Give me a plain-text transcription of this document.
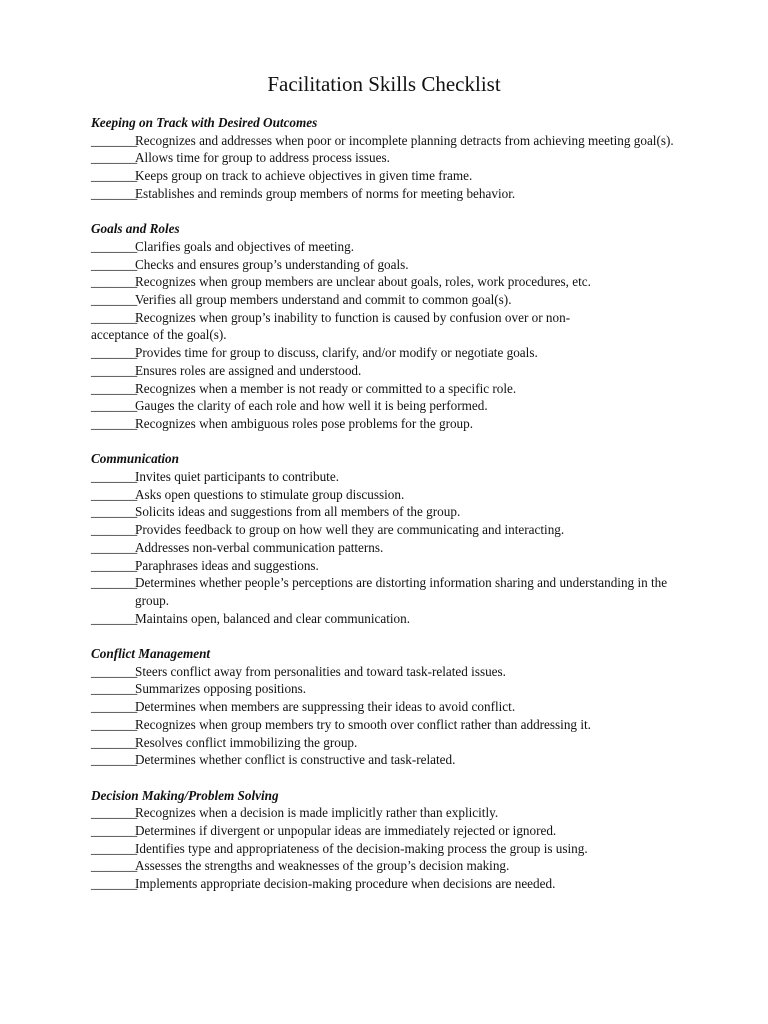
Facilitation Skills Checklist

Keeping on Track with Desired Outcomes

_______
Recognizes and addresses when poor or incomplete planning detracts from achieving meeting goal(s).

_______
Allows time for group to address process issues.

_______
Keeps group on track to achieve objectives in given time frame.

_______
Establishes and reminds group members of norms for meeting behavior.

Goals and Roles

_______
Clarifies goals and objectives of meeting.

_______
Checks and ensures group’s understanding of goals.

_______
Recognizes when group members are unclear about goals, roles, work procedures, etc.

_______
Verifies all group members understand and commit to common goal(s).

_______
Recognizes when group’s inability to function is caused by confusion over or non-

acceptance of the goal(s).

_______
Provides time for group to discuss, clarify, and/or modify or negotiate goals.

_______
Ensures roles are assigned and understood.

_______
Recognizes when a member is not ready or committed to a specific role.

_______
Gauges the clarity of each role and how well it is being performed.

_______
Recognizes when ambiguous roles pose problems for the group.

Communication

_______
Invites quiet participants to contribute.

_______
Asks open questions to stimulate group discussion.

_______
Solicits ideas and suggestions from all members of the group.

_______
Provides feedback to group on how well they are communicating and interacting.

_______
Addresses non-verbal communication patterns.

_______
Paraphrases ideas and suggestions.

_______
Determines whether people’s perceptions are distorting information sharing and understanding in the group.

_______
Maintains open, balanced and clear communication.

Conflict Management

_______
Steers conflict away from personalities and toward task-related issues.

_______
Summarizes opposing positions.

_______
Determines when members are suppressing their ideas to avoid conflict.

_______
Recognizes when group members try to smooth over conflict rather than addressing it.

_______
Resolves conflict immobilizing the group.

_______
Determines whether conflict is constructive and task-related.

Decision Making/Problem Solving

_______
Recognizes when a decision is made implicitly rather than explicitly.

_______
Determines if divergent or unpopular ideas are immediately rejected or ignored.

_______
Identifies type and appropriateness of the decision-making process the group is using.

_______
Assesses the strengths and weaknesses of the group’s decision making.

_______
Implements appropriate decision-making procedure when decisions are needed.
